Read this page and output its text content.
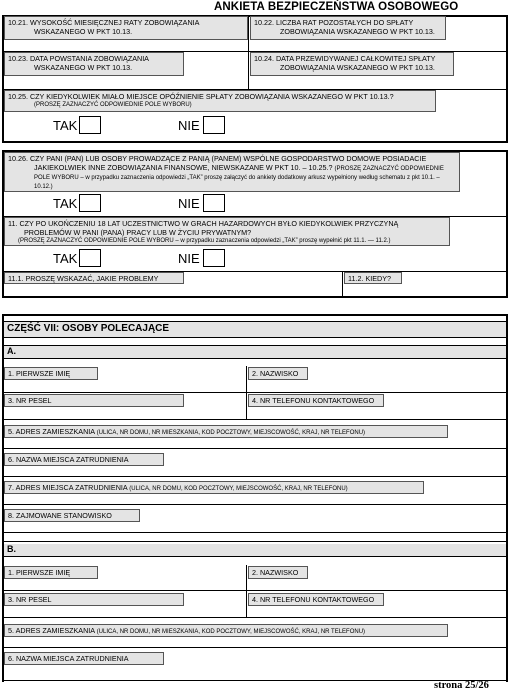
ANKIETA BEZPIECZEŃSTWA OSOBOWEGO
10.21. WYSOKOŚĆ MIESIĘCZNEJ RATY ZOBOWIĄZANIA
WSKAZANEGO W PKT 10.13.
10.22. LICZBA RAT POZOSTAŁYCH DO SPŁATY
ZOBOWIĄZANIA WSKAZANEGO W PKT 10.13.
10.23. DATA POWSTANIA ZOBOWIĄZANIA
WSKAZANEGO W PKT 10.13.
10.24. DATA PRZEWIDYWANEJ CAŁKOWITEJ SPŁATY
ZOBOWIĄZANIA WSKAZANEGO W PKT 10.13.
10.25. CZY KIEDYKOLWIEK MIAŁO MIEJSCE OPÓŹNIENIE SPŁATY ZOBOWIĄZANIA WSKAZANEGO W PKT 10.13.?
(PROSZĘ ZAZNACZYĆ ODPOWIEDNIE POLE WYBORU)
TAK	NIE
10.26. CZY PANI (PAN) LUB OSOBY PROWADZĄCE Z PANIĄ (PANEM) WSPÓLNE GOSPODARSTWO DOMOWE POSIADACIE
JAKIEKOLWIEK INNE ZOBOWIĄZANIA FINANSOWE, NIEWSKAZANE W PKT 10. – 10.25.? (PROSZĘ ZAZNACZYĆ ODPOWIEDNIE
POLE WYBORU – w przypadku zaznaczenia odpowiedzi „TAK” proszę załączyć do ankiety dodatkowy arkusz wypełniony według schematu z pkt 10.1. –
10.12.)
TAK	NIE
11. CZY PO UKOŃCZENIU 18 LAT UCZESTNICTWO W GRACH HAZARDOWYCH BYŁO KIEDYKOLWIEK PRZYCZYNĄ
PROBLEMÓW W PANI (PANA) PRACY LUB W ŻYCIU PRYWATNYM?
(PROSZĘ ZAZNACZYĆ ODPOWIEDNIE POLE WYBORU – w przypadku zaznaczenia odpowiedzi „TAK” proszę wypełnić pkt 11.1. — 11.2.)
TAK	NIE
11.1. PROSZĘ WSKAZAĆ, JAKIE PROBLEMY	11.2. KIEDY?
CZĘŚĆ VII: OSOBY POLECAJĄCE
A.
1. PIERWSZE IMIĘ	2. NAZWISKO
3. NR PESEL	4. NR TELEFONU KONTAKTOWEGO
5. ADRES ZAMIESZKANIA (ULICA, NR DOMU, NR MIESZKANIA, KOD POCZTOWY, MIEJSCOWOŚĆ, KRAJ, NR TELEFONU)
6. NAZWA MIEJSCA ZATRUDNIENIA
7. ADRES MIEJSCA ZATRUDNIENIA (ULICA, NR DOMU, KOD POCZTOWY, MIEJSCOWOŚĆ, KRAJ, NR TELEFONU)
8. ZAJMOWANE STANOWISKO
B.
1. PIERWSZE IMIĘ	2. NAZWISKO
3. NR PESEL	4. NR TELEFONU KONTAKTOWEGO
5. ADRES ZAMIESZKANIA (ULICA, NR DOMU, NR MIESZKANIA, KOD POCZTOWY, MIEJSCOWOŚĆ, KRAJ, NR TELEFONU)
6. NAZWA MIEJSCA ZATRUDNIENIA
strona 25/26
